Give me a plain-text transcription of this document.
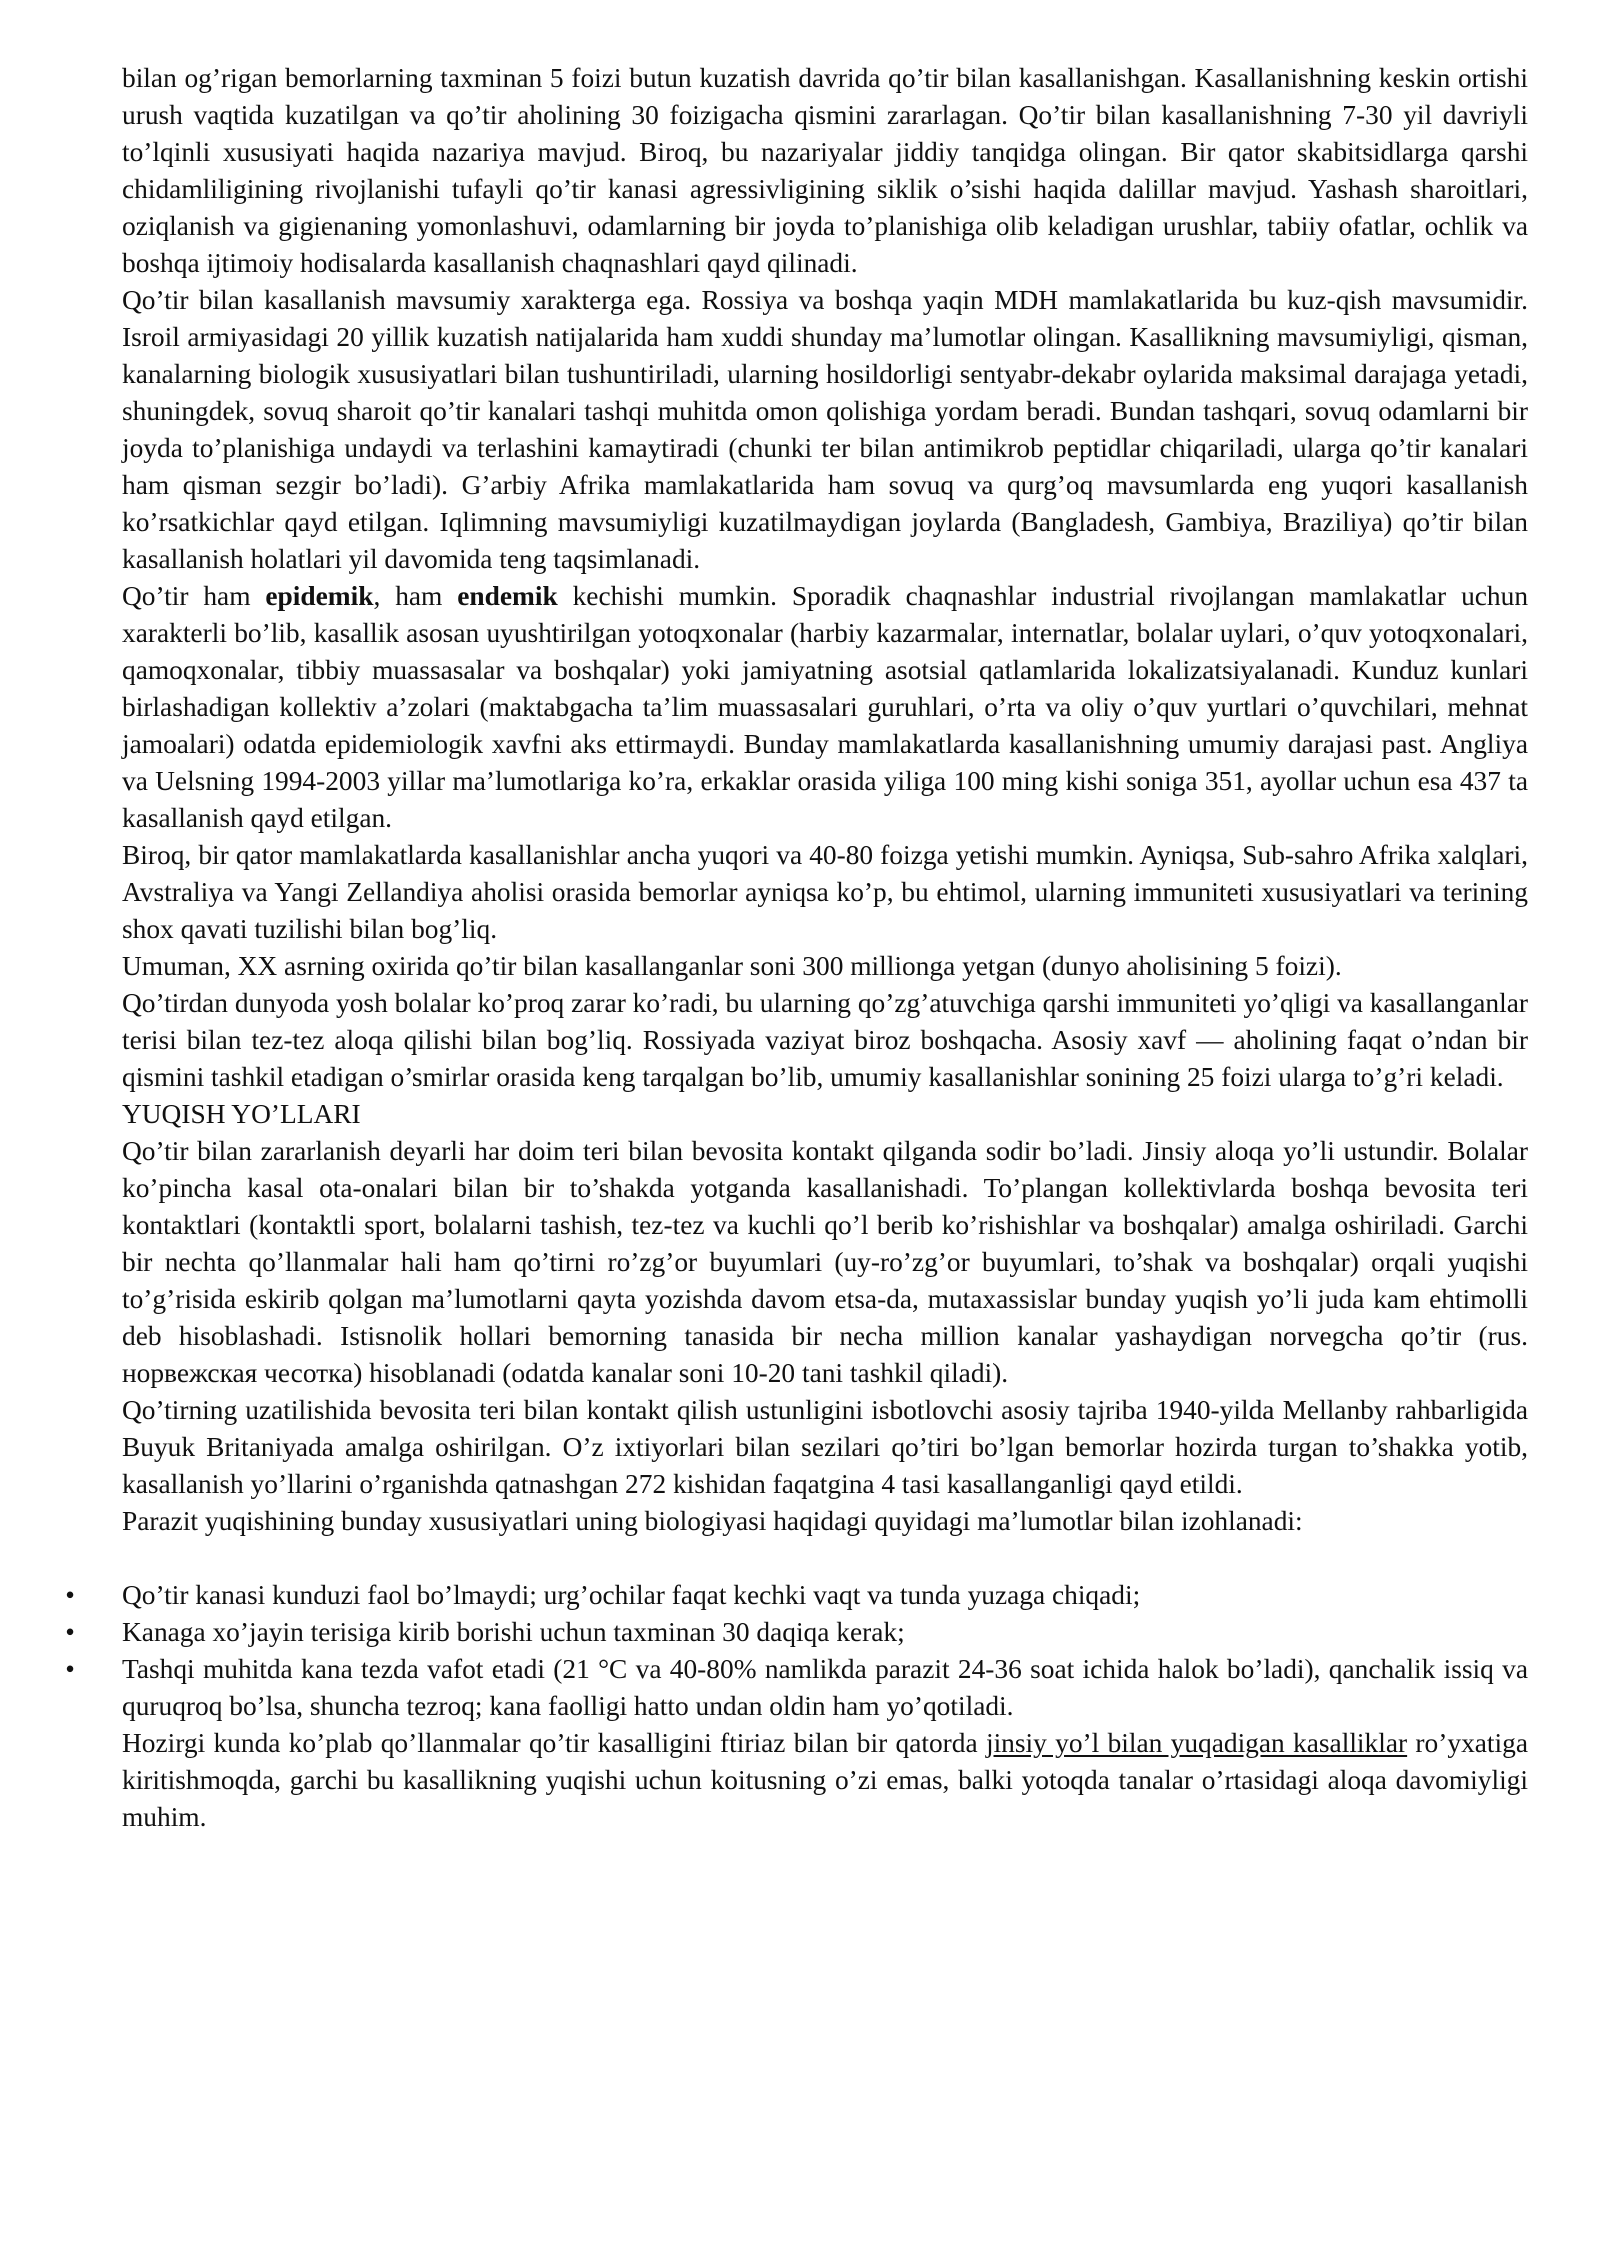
bilan og’rigan bemorlarning taxminan 5 foizi butun kuzatish davrida qo’tir bilan kasallanishgan. Kasallanishning keskin ortishi urush vaqtida kuzatilgan va qo’tir aholining 30 foizigacha qismini zararlagan. Qo’tir bilan kasallanishning 7-30 yil davriyli to’lqinli xususiyati haqida nazariya mavjud. Biroq, bu nazariyalar jiddiy tanqidga olingan. Bir qator skabitsidlarga qarshi chidamliligining rivojlanishi tufayli qo’tir kanasi agressivligining siklik o’sishi haqida dalillar mavjud. Yashash sharoitlari, oziqlanish va gigienaning yomonlashuvi, odamlarning bir joyda to’planishiga olib keladigan urushlar, tabiiy ofatlar, ochlik va boshqa ijtimoiy hodisalarda kasallanish chaqnashlari qayd qilinadi.

Qo’tir bilan kasallanish mavsumiy xarakterga ega. Rossiya va boshqa yaqin MDH mamlakatlarida bu kuz-qish mavsumidir. Isroil armiyasidagi 20 yillik kuzatish natijalarida ham xuddi shunday ma’lumotlar olingan. Kasallikning mavsumiyligi, qisman, kanalarning biologik xususiyatlari bilan tushuntiriladi, ularning hosildorligi sentyabr-dekabr oylarida maksimal darajaga yetadi, shuningdek, sovuq sharoit qo’tir kanalari tashqi muhitda omon qolishiga yordam beradi. Bundan tashqari, sovuq odamlarni bir joyda to’planishiga undaydi va terlashini kamaytiradi (chunki ter bilan antimikrob peptidlar chiqariladi, ularga qo’tir kanalari ham qisman sezgir bo’ladi). G’arbiy Afrika mamlakatlarida ham sovuq va qurg’oq mavsumlarda eng yuqori kasallanish ko’rsatkichlar qayd etilgan. Iqlimning mavsumiyligi kuzatilmaydigan joylarda (Bangladesh, Gambiya, Braziliya) qo’tir bilan kasallanish holatlari yil davomida teng taqsimlanadi.

Qo’tir ham epidemik, ham endemik kechishi mumkin. Sporadik chaqnashlar industrial rivojlangan mamlakatlar uchun xarakterli bo’lib, kasallik asosan uyushtirilgan yotoqxonalar (harbiy kazarmalar, internatlar, bolalar uylari, o’quv yotoqxonalari, qamoqxonalar, tibbiy muassasalar va boshqalar) yoki jamiyatning asotsial qatlamlarida lokalizatsiyalanadi. Kunduz kunlari birlashadigan kollektiv a’zolari (maktabgacha ta’lim muassasalari guruhlari, o’rta va oliy o’quv yurtlari o’quvchilari, mehnat jamoalari) odatda epidemiologik xavfni aks ettirmaydi. Bunday mamlakatlarda kasallanishning umumiy darajasi past. Angliya va Uelsning 1994-2003 yillar ma’lumotlariga ko’ra, erkaklar orasida yiliga 100 ming kishi soniga 351, ayollar uchun esa 437 ta kasallanish qayd etilgan.

Biroq, bir qator mamlakatlarda kasallanishlar ancha yuqori va 40-80 foizga yetishi mumkin. Ayniqsa, Sub-sahro Afrika xalqlari, Avstraliya va Yangi Zellandiya aholisi orasida bemorlar ayniqsa ko’p, bu ehtimol, ularning immuniteti xususiyatlari va terining shox qavati tuzilishi bilan bog’liq.

Umuman, XX asrning oxirida qo’tir bilan kasallanganlar soni 300 millionga yetgan (dunyo aholisining 5 foizi).

Qo’tirdan dunyoda yosh bolalar ko’proq zarar ko’radi, bu ularning qo’zg’atuvchiga qarshi immuniteti yo’qligi va kasallanganlar terisi bilan tez-tez aloqa qilishi bilan bog’liq. Rossiyada vaziyat biroz boshqacha. Asosiy xavf — aholining faqat o’ndan bir qismini tashkil etadigan o’smirlar orasida keng tarqalgan bo’lib, umumiy kasallanishlar sonining 25 foizi ularga to’g’ri keladi.

YUQISH YO’LLARI

Qo’tir bilan zararlanish deyarli har doim teri bilan bevosita kontakt qilganda sodir bo’ladi. Jinsiy aloqa yo’li ustundir. Bolalar ko’pincha kasal ota-onalari bilan bir to’shakda yotganda kasallanishadi. To’plangan kollektivlarda boshqa bevosita teri kontaktlari (kontaktli sport, bolalarni tashish, tez-tez va kuchli qo’l berib ko’rishishlar va boshqalar) amalga oshiriladi. Garchi bir nechta qo’llanmalar hali ham qo’tirni ro’zg’or buyumlari (uy-ro’zg’or buyumlari, to’shak va boshqalar) orqali yuqishi to’g’risida eskirib qolgan ma’lumotlarni qayta yozishda davom etsa-da, mutaxassislar bunday yuqish yo’li juda kam ehtimolli deb hisoblashadi. Istisnolik hollari bemorning tanasida bir necha million kanalar yashaydigan norvegcha qo’tir (rus. норвежская чесотка) hisoblanadi (odatda kanalar soni 10-20 tani tashkil qiladi).

Qo’tirning uzatilishida bevosita teri bilan kontakt qilish ustunligini isbotlovchi asosiy tajriba 1940-yilda Mellanby rahbarligida Buyuk Britaniyada amalga oshirilgan. O’z ixtiyorlari bilan sezilari qo’tiri bo’lgan bemorlar hozirda turgan to’shakka yotib, kasallanish yo’llarini o’rganishda qatnashgan 272 kishidan faqatgina 4 tasi kasallanganligi qayd etildi.

Parazit yuqishining bunday xususiyatlari uning biologiyasi haqidagi quyidagi ma’lumotlar bilan izohlanadi:

• Qo’tir kanasi kunduzi faol bo’lmaydi; urg’ochilar faqat kechki vaqt va tunda yuzaga chiqadi;
• Kanaga xo’jayin terisiga kirib borishi uchun taxminan 30 daqiqa kerak;
• Tashqi muhitda kana tezda vafot etadi (21 °C va 40-80% namlikda parazit 24-36 soat ichida halok bo’ladi), qanchalik issiq va quruqroq bo’lsa, shuncha tezroq; kana faolligi hatto undan oldin ham yo’qotiladi.

Hozirgi kunda ko’plab qo’llanmalar qo’tir kasalligini ftiriaz bilan bir qatorda jinsiy yo’l bilan yuqadigan kasalliklar ro’yxatiga kiritishmoqda, garchi bu kasallikning yuqishi uchun koitusning o’zi emas, balki yotoqda tanalar o’rtasidagi aloqa davomiyligi muhim.
